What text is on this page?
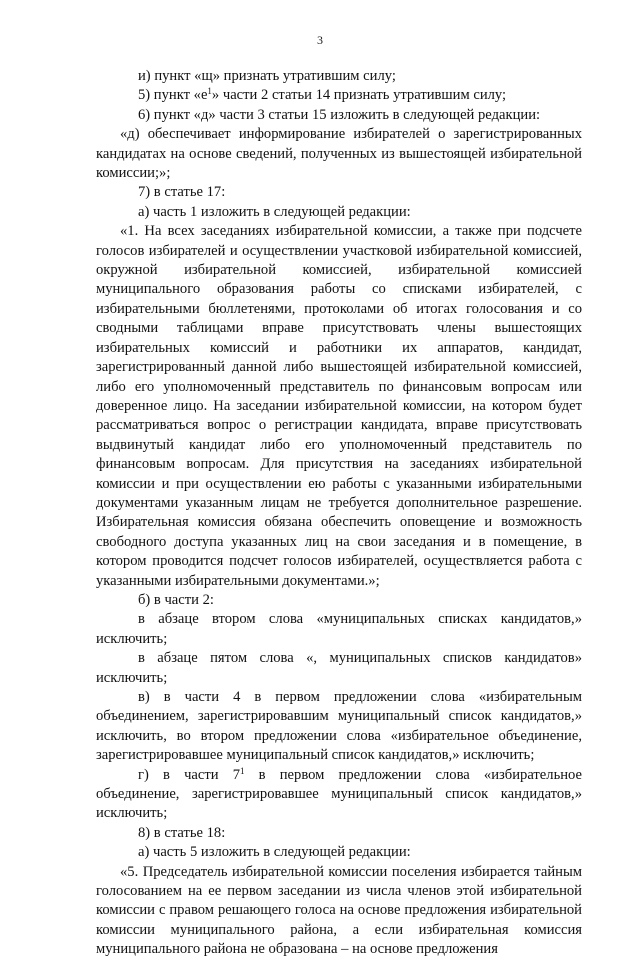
3

и) пункт «щ» признать утратившим силу;

5) пункт «$е^1$» части 2 статьи 14 признать утратившим силу;

6) пункт «д» части 3 статьи 15 изложить в следующей редакции:

«д) обеспечивает информирование избирателей о зарегистрированных кандидатах на основе сведений, полученных из вышестоящей избирательной комиссии;»;

7) в статье 17:

а) часть 1 изложить в следующей редакции:

«1. На всех заседаниях избирательной комиссии, а также при подсчете голосов избирателей и осуществлении участковой избирательной комиссией, окружной избирательной комиссией, избирательной комиссией муниципального образования работы со списками избирателей, с избирательными бюллетенями, протоколами об итогах голосования и со сводными таблицами вправе присутствовать члены вышестоящих избирательных комиссий и работники их аппаратов, кандидат, зарегистрированный данной либо вышестоящей избирательной комиссией, либо его уполномоченный представитель по финансовым вопросам или доверенное лицо. На заседании избирательной комиссии, на котором будет рассматриваться вопрос о регистрации кандидата, вправе присутствовать выдвинутый кандидат либо его уполномоченный представитель по финансовым вопросам. Для присутствия на заседаниях избирательной комиссии и при осуществлении ею работы с указанными избирательными документами указанным лицам не требуется дополнительное разрешение. Избирательная комиссия обязана обеспечить оповещение и возможность свободного доступа указанных лиц на свои заседания и в помещение, в котором проводится подсчет голосов избирателей, осуществляется работа с указанными избирательными документами.»;

б) в части 2:

в абзаце втором слова «муниципальных списках кандидатов,» исключить;

в абзаце пятом слова «, муниципальных списков кандидатов» исключить;

в) в части 4 в первом предложении слова «избирательным объединением, зарегистрировавшим муниципальный список кандидатов,» исключить, во втором предложении слова «избирательное объединение, зарегистрировавшее муниципальный список кандидатов,» исключить;

г) в части $7^1$ в первом предложении слова «избирательное объединение, зарегистрировавшее муниципальный список кандидатов,» исключить;

8) в статье 18:

а) часть 5 изложить в следующей редакции:

«5. Председатель избирательной комиссии поселения избирается тайным голосованием на ее первом заседании из числа членов этой избирательной комиссии с правом решающего голоса на основе предложения избирательной комиссии муниципального района, а если избирательная комиссия муниципального района не образована – на основе предложения
